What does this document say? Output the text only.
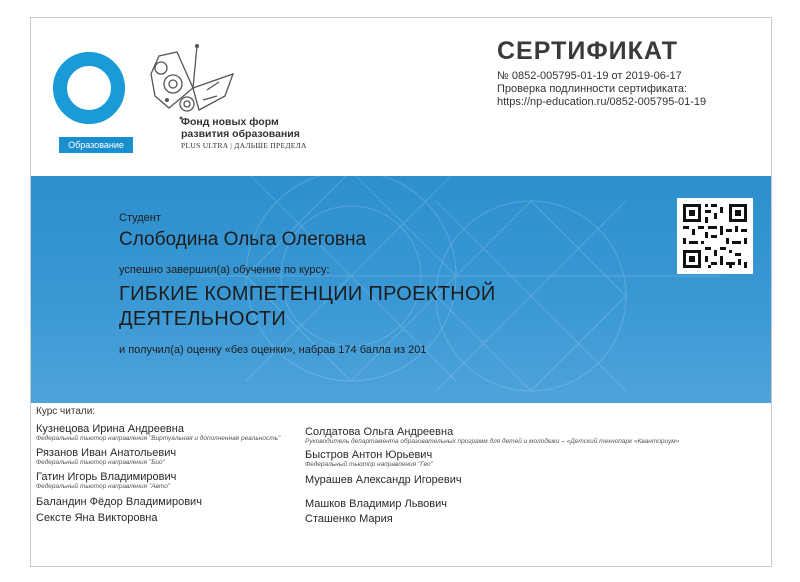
Образование
Фонд новых форм
развития образования
PLUS ULTRA | ДАЛЬШЕ ПРЕДЕЛА
СЕРТИФИКАТ
№ 0852-005795-01-19 от 2019-06-17
Проверка подлинности сертификата:
https://np-education.ru/0852-005795-01-19
Студент
Слободина Ольга Олеговна
успешно завершил(а) обучение по курсу:
ГИБКИЕ КОМПЕТЕНЦИИ ПРОЕКТНОЙ ДЕЯТЕЛЬНОСТИ
и получил(а) оценку «без оценки», набрав 174 балла из 201
Курс читали:
Кузнецова Ирина Андреевна
Федеральный тьютор направления "Виртуальная и дополненная реальность"
Рязанов Иван Анатольевич
Федеральный тьютор направления "Био"
Гатин Игорь Владимирович
Федеральный тьютор направления "Авто"
Баландин Фёдор Владимирович
Сексте Яна Викторовна
Солдатова Ольга Андреевна
Руководитель департамента образовательных программ для детей и молодежи – «Детский технопарк «Кванториум»
Быстров Антон Юрьевич
Федеральный тьютор направления "Гео"
Мурашев Александр Игоревич
Машков Владимир Львович
Сташенко Мария
